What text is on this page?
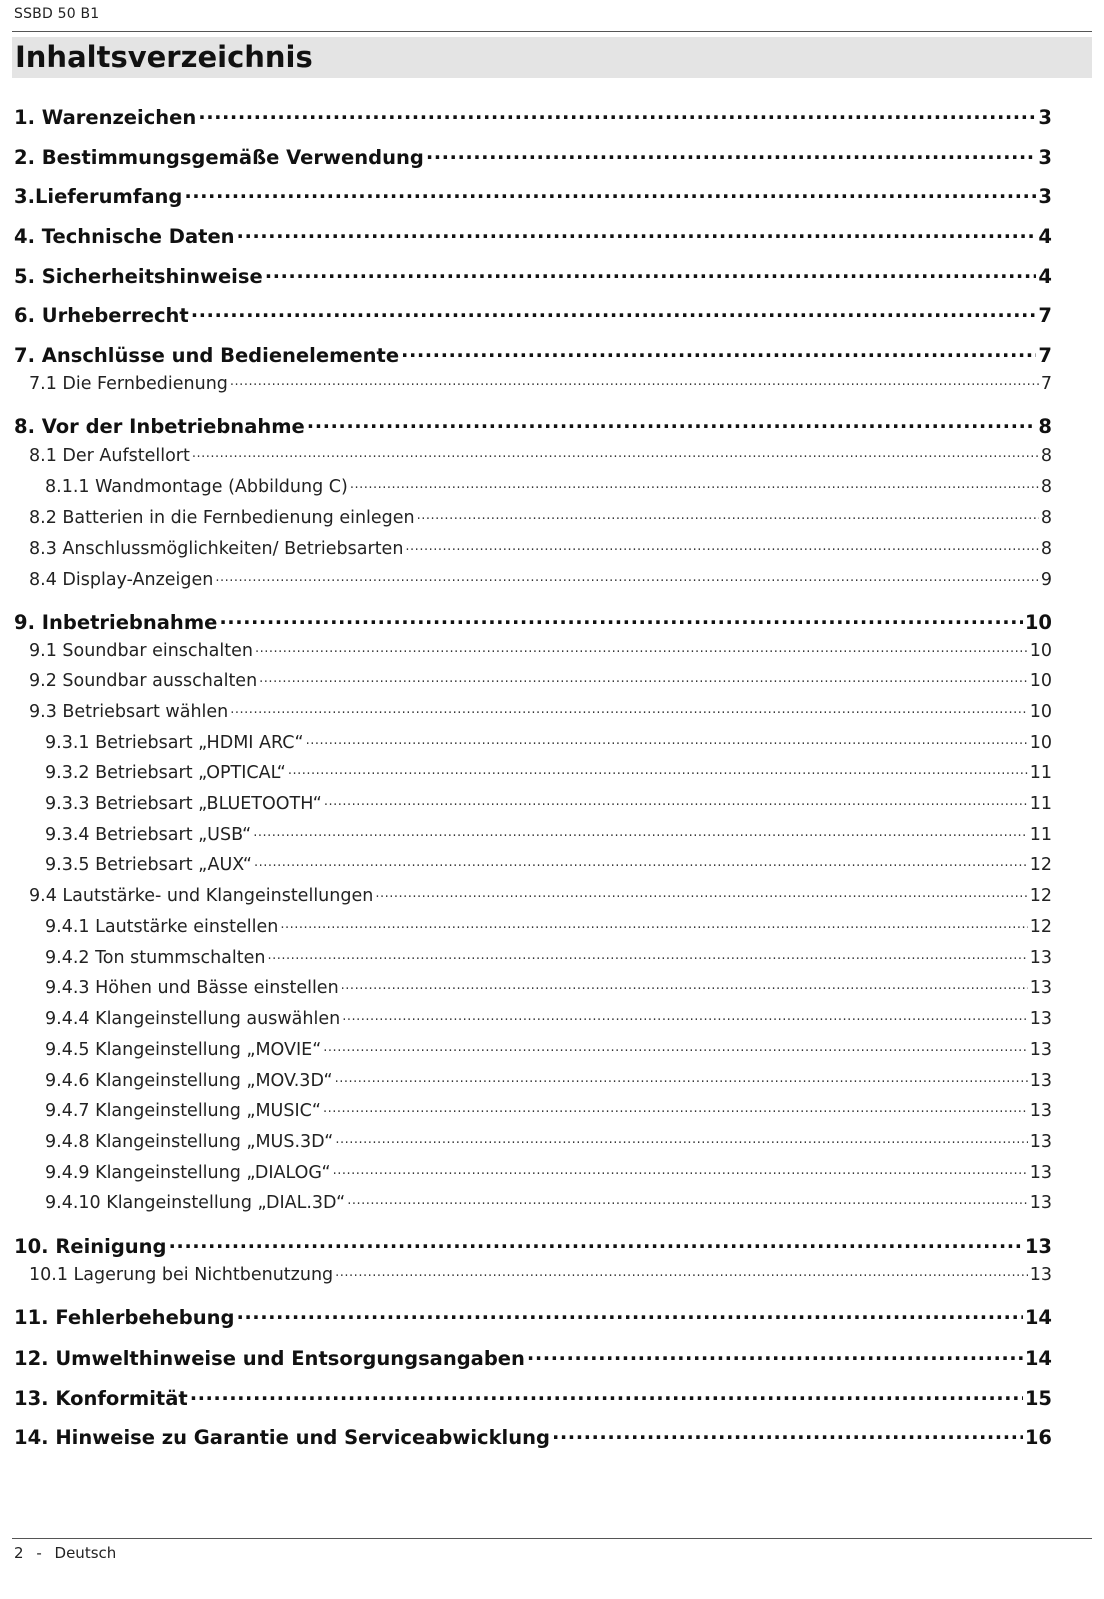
SSBD 50 B1
Inhaltsverzeichnis
1. Warenzeichen .....	3
2. Bestimmungsgemäße Verwendung .....	3
3.Lieferumfang .....	3
4. Technische Daten .....	4
5. Sicherheitshinweise .....	4
6. Urheberrecht .....	7
7. Anschlüsse und Bedienelemente .....	7
7.1 Die Fernbedienung .....	7
8. Vor der Inbetriebnahme .....	8
8.1 Der Aufstellort .....	8
8.1.1 Wandmontage (Abbildung C) .....	8
8.2 Batterien in die Fernbedienung einlegen .....	8
8.3 Anschlussmöglichkeiten/ Betriebsarten .....	8
8.4 Display-Anzeigen .....	9
9. Inbetriebnahme .....	10
9.1 Soundbar einschalten .....	10
9.2 Soundbar ausschalten .....	10
9.3 Betriebsart wählen .....	10
9.3.1 Betriebsart „HDMI ARC“ .....	10
9.3.2 Betriebsart „OPTICAL“ .....	11
9.3.3 Betriebsart „BLUETOOTH“ .....	11
9.3.4 Betriebsart „USB“ .....	11
9.3.5 Betriebsart „AUX“ .....	12
9.4 Lautstärke- und Klangeinstellungen .....	12
9.4.1 Lautstärke einstellen .....	12
9.4.2 Ton stummschalten .....	13
9.4.3 Höhen und Bässe einstellen .....	13
9.4.4 Klangeinstellung auswählen .....	13
9.4.5 Klangeinstellung „MOVIE“ .....	13
9.4.6 Klangeinstellung „MOV.3D“ .....	13
9.4.7 Klangeinstellung „MUSIC“ .....	13
9.4.8 Klangeinstellung „MUS.3D“ .....	13
9.4.9 Klangeinstellung „DIALOG“ .....	13
9.4.10 Klangeinstellung „DIAL.3D“ .....	13
10. Reinigung .....	13
10.1 Lagerung bei Nichtbenutzung .....	13
11. Fehlerbehebung .....	14
12. Umwelthinweise und Entsorgungsangaben .....	14
13. Konformität .....	15
14. Hinweise zu Garantie und Serviceabwicklung .....	16
2 - Deutsch
